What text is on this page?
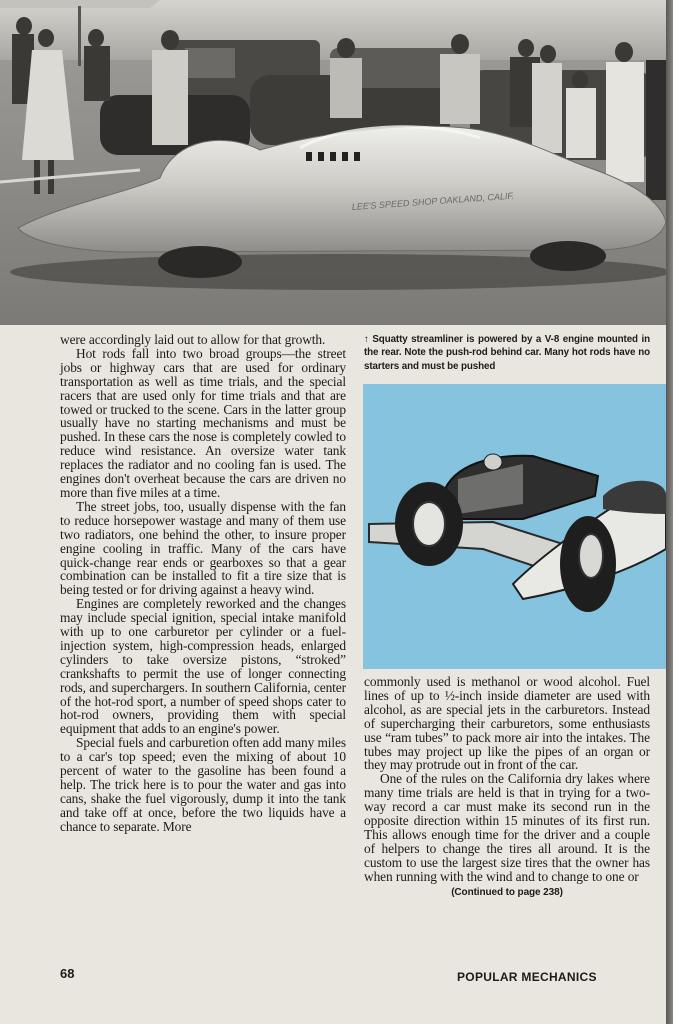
LEE'S SPEED SHOP OAKLAND, CALIF.

were accordingly laid out to allow for that growth.

Hot rods fall into two broad groups—the street jobs or highway cars that are used for ordinary transportation as well as time trials, and the special racers that are used only for time trials and that are towed or trucked to the scene. Cars in the latter group usually have no starting mechanisms and must be pushed. In these cars the nose is completely cowled to reduce wind resistance. An oversize water tank replaces the radiator and no cooling fan is used. The engines don't overheat because the cars are driven no more than five miles at a time.

The street jobs, too, usually dispense with the fan to reduce horsepower wastage and many of them use two radiators, one behind the other, to insure proper engine cooling in traffic. Many of the cars have quick-change rear ends or gearboxes so that a gear combination can be installed to fit a tire size that is being tested or for driving against a heavy wind.

Engines are completely reworked and the changes may include special ignition, special intake manifold with up to one carburetor per cylinder or a fuel-injection system, high-compression heads, enlarged cylinders to take oversize pistons, “stroked” crankshafts to permit the use of longer connecting rods, and superchargers. In southern California, center of the hot-rod sport, a number of speed shops cater to hot-rod owners, providing them with special equipment that adds to an engine's power.

Special fuels and carburetion often add many miles to a car's top speed; even the mixing of about 10 percent of water to the gasoline has been found a help. The trick here is to pour the water and gas into cans, shake the fuel vigorously, dump it into the tank and take off at once, before the two liquids have a chance to separate. More

↑ Squatty streamliner is powered by a V-8 engine mounted in the rear. Note the push-rod behind car. Many hot rods have no starters and must be pushed

commonly used is methanol or wood alcohol. Fuel lines of up to ½-inch inside diameter are used with alcohol, as are special jets in the carburetors. Instead of supercharging their carburetors, some enthusiasts use “ram tubes” to pack more air into the intakes. The tubes may project up like the pipes of an organ or they may protrude out in front of the car.

One of the rules on the California dry lakes where many time trials are held is that in trying for a two-way record a car must make its second run in the opposite direction within 15 minutes of its first run. This allows enough time for the driver and a couple of helpers to change the tires all around. It is the custom to use the largest size tires that the owner has when running with the wind and to change to one or

(Continued to page 238)
68	POPULAR MECHANICS
